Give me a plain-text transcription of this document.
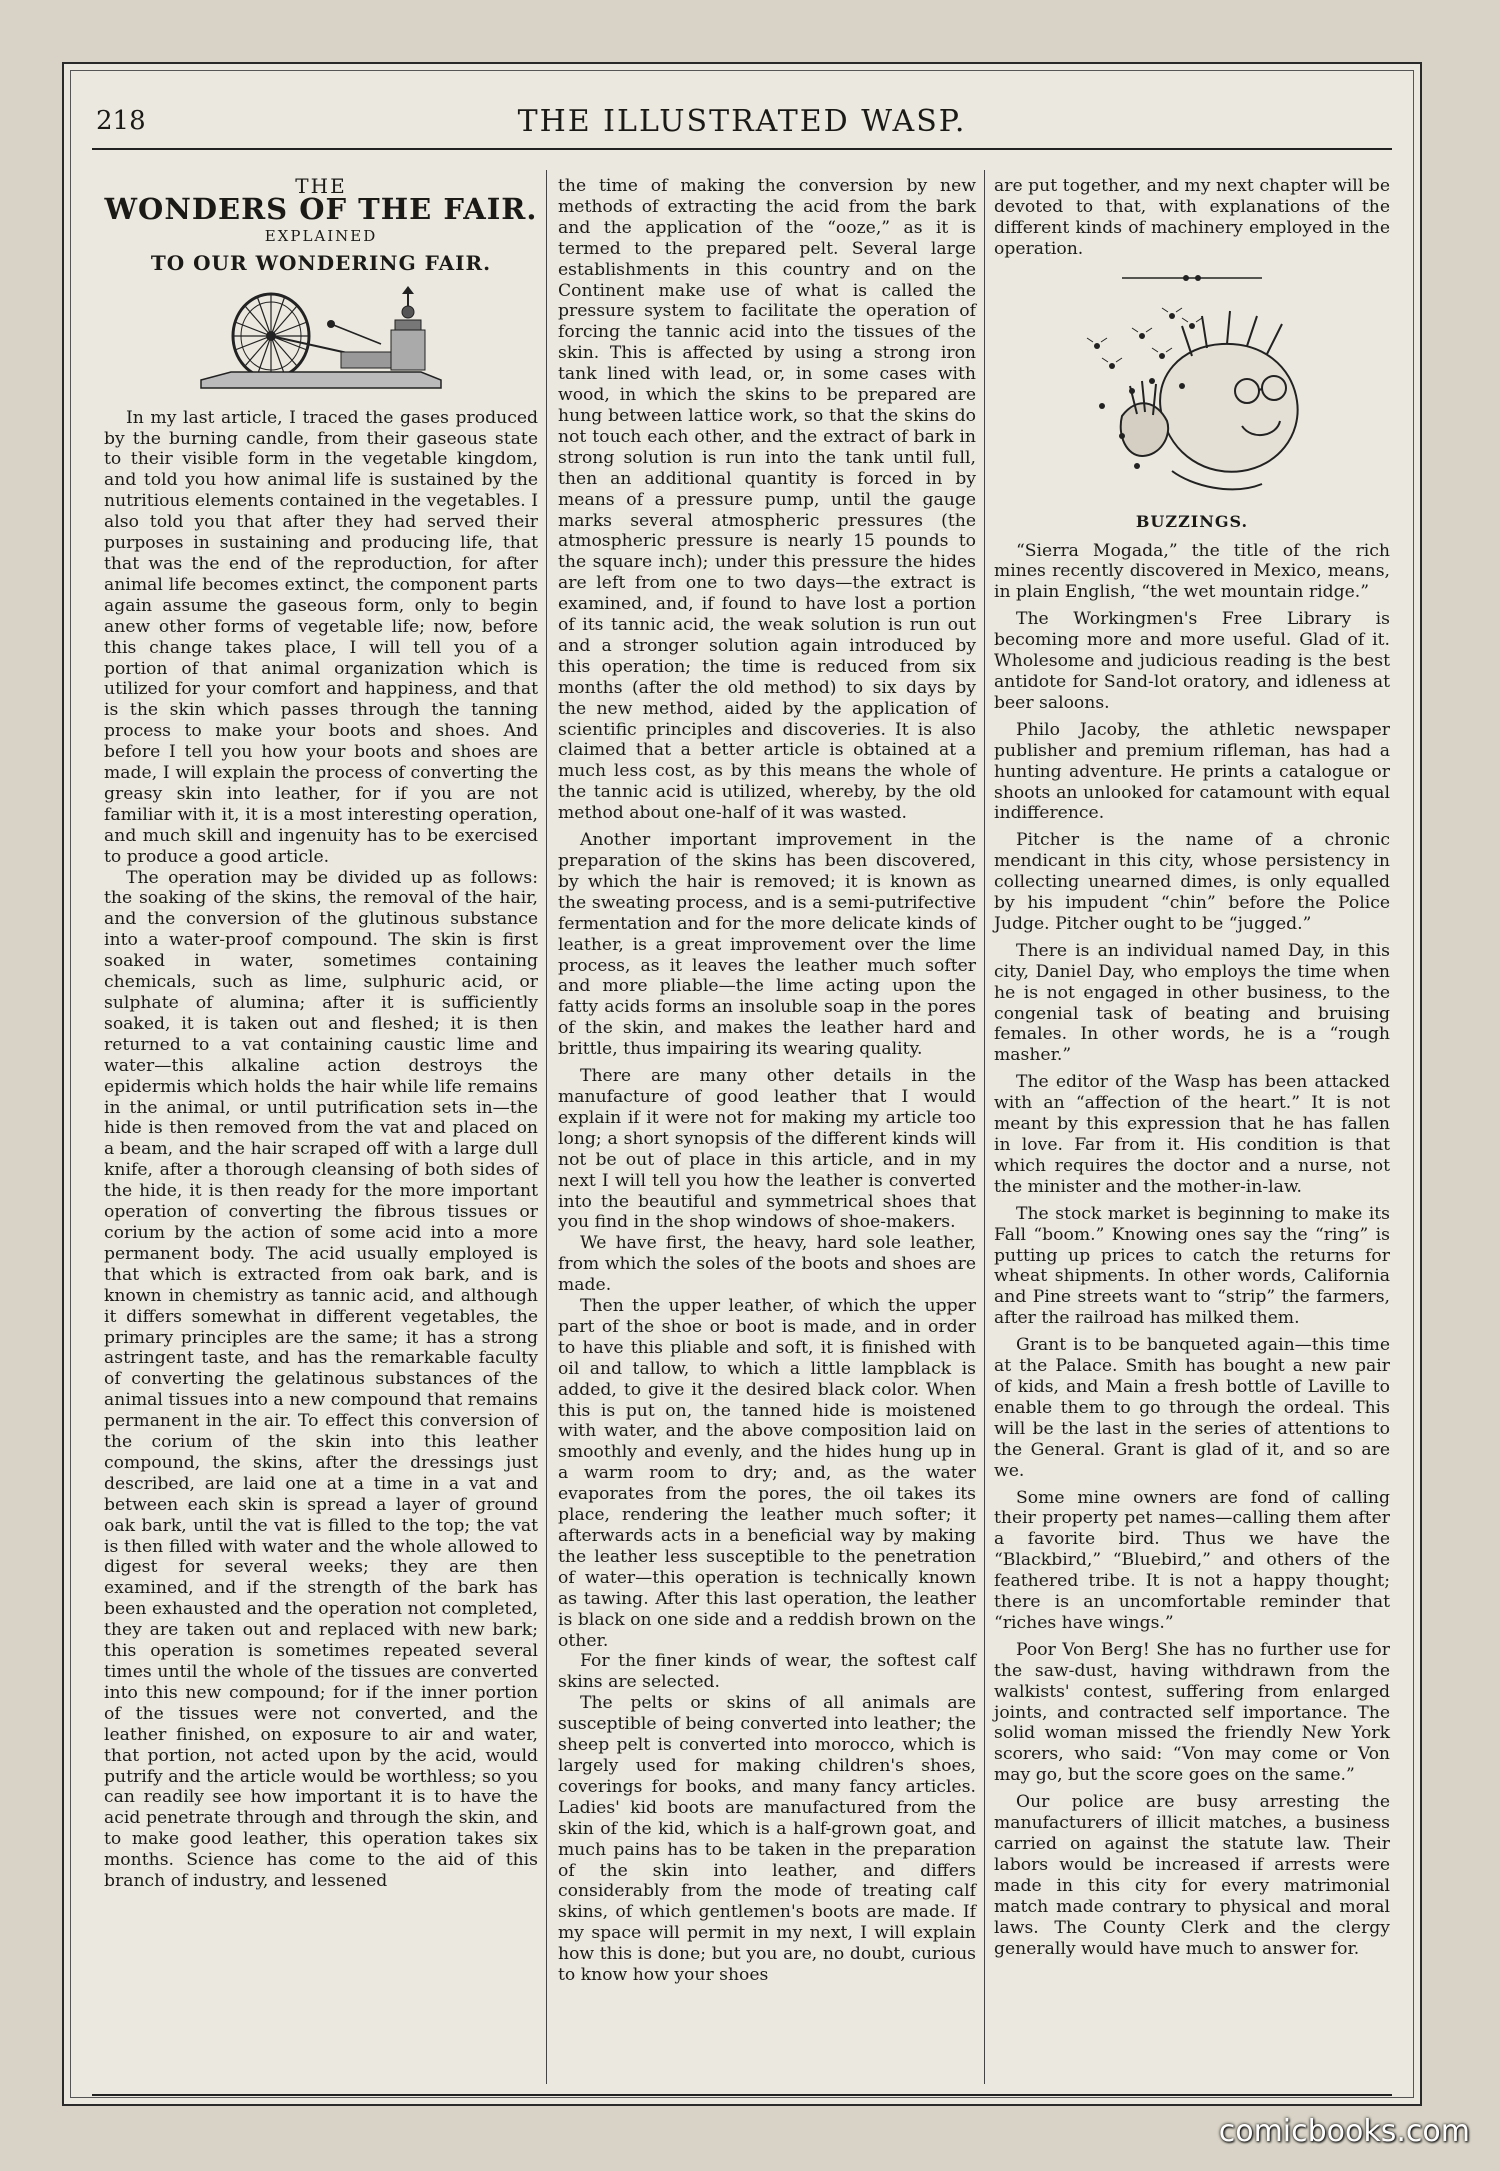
218	THE ILLUSTRATED WASP.
THE
WONDERS OF THE FAIR.
EXPLAINED
TO OUR WONDERING FAIR.

In my last article, I traced the gases produced by the burning candle, from their gaseous state to their visible form in the vegetable kingdom, and told you how animal life is sustained by the nutritious elements contained in the vegetables. I also told you that after they had served their purposes in sustaining and producing life, that that was the end of the reproduction, for after animal life becomes extinct, the component parts again assume the gaseous form, only to begin anew other forms of vegetable life; now, before this change takes place, I will tell you of a portion of that animal organization which is utilized for your comfort and happiness, and that is the skin which passes through the tanning process to make your boots and shoes. And before I tell you how your boots and shoes are made, I will explain the process of converting the greasy skin into leather, for if you are not familiar with it, it is a most interesting operation, and much skill and ingenuity has to be exercised to produce a good article.

The operation may be divided up as follows: the soaking of the skins, the removal of the hair, and the conversion of the glutinous substance into a water-proof compound. The skin is first soaked in water, sometimes containing chemicals, such as lime, sulphuric acid, or sulphate of alumina; after it is sufficiently soaked, it is taken out and fleshed; it is then returned to a vat containing caustic lime and water—this alkaline action destroys the epidermis which holds the hair while life remains in the animal, or until putrification sets in—the hide is then removed from the vat and placed on a beam, and the hair scraped off with a large dull knife, after a thorough cleansing of both sides of the hide, it is then ready for the more important operation of converting the fibrous tissues or corium by the action of some acid into a more permanent body. The acid usually employed is that which is extracted from oak bark, and is known in chemistry as tannic acid, and although it differs somewhat in different vegetables, the primary principles are the same; it has a strong astringent taste, and has the remarkable faculty of converting the gelatinous substances of the animal tissues into a new compound that remains permanent in the air. To effect this conversion of the corium of the skin into this leather compound, the skins, after the dressings just described, are laid one at a time in a vat and between each skin is spread a layer of ground oak bark, until the vat is filled to the top; the vat is then filled with water and the whole allowed to digest for several weeks; they are then examined, and if the strength of the bark has been exhausted and the operation not completed, they are taken out and replaced with new bark; this operation is sometimes repeated several times until the whole of the tissues are converted into this new compound; for if the inner portion of the tissues were not converted, and the leather finished, on exposure to air and water, that portion, not acted upon by the acid, would putrify and the article would be worthless; so you can readily see how important it is to have the acid penetrate through and through the skin, and to make good leather, this operation takes six months. Science has come to the aid of this branch of industry, and lessened

the time of making the conversion by new methods of extracting the acid from the bark and the application of the “ooze,” as it is termed to the prepared pelt. Several large establishments in this country and on the Continent make use of what is called the pressure system to facilitate the operation of forcing the tannic acid into the tissues of the skin. This is affected by using a strong iron tank lined with lead, or, in some cases with wood, in which the skins to be prepared are hung between lattice work, so that the skins do not touch each other, and the extract of bark in strong solution is run into the tank until full, then an additional quantity is forced in by means of a pressure pump, until the gauge marks several atmospheric pressures (the atmospheric pressure is nearly 15 pounds to the square inch); under this pressure the hides are left from one to two days—the extract is examined, and, if found to have lost a portion of its tannic acid, the weak solution is run out and a stronger solution again introduced by this operation; the time is reduced from six months (after the old method) to six days by the new method, aided by the application of scientific principles and discoveries. It is also claimed that a better article is obtained at a much less cost, as by this means the whole of the tannic acid is utilized, whereby, by the old method about one-half of it was wasted.

Another important improvement in the preparation of the skins has been discovered, by which the hair is removed; it is known as the sweating process, and is a semi-putrifective fermentation and for the more delicate kinds of leather, is a great improvement over the lime process, as it leaves the leather much softer and more pliable—the lime acting upon the fatty acids forms an insoluble soap in the pores of the skin, and makes the leather hard and brittle, thus impairing its wearing quality.

There are many other details in the manufacture of good leather that I would explain if it were not for making my article too long; a short synopsis of the different kinds will not be out of place in this article, and in my next I will tell you how the leather is converted into the beautiful and symmetrical shoes that you find in the shop windows of shoe-makers.

We have first, the heavy, hard sole leather, from which the soles of the boots and shoes are made.

Then the upper leather, of which the upper part of the shoe or boot is made, and in order to have this pliable and soft, it is finished with oil and tallow, to which a little lampblack is added, to give it the desired black color. When this is put on, the tanned hide is moistened with water, and the above composition laid on smoothly and evenly, and the hides hung up in a warm room to dry; and, as the water evaporates from the pores, the oil takes its place, rendering the leather much softer; it afterwards acts in a beneficial way by making the leather less susceptible to the penetration of water—this operation is technically known as tawing. After this last operation, the leather is black on one side and a reddish brown on the other.

For the finer kinds of wear, the softest calf skins are selected.

The pelts or skins of all animals are susceptible of being converted into leather; the sheep pelt is converted into morocco, which is largely used for making children's shoes, coverings for books, and many fancy articles. Ladies' kid boots are manufactured from the skin of the kid, which is a half-grown goat, and much pains has to be taken in the preparation of the skin into leather, and differs considerably from the mode of treating calf skins, of which gentlemen's boots are made. If my space will permit in my next, I will explain how this is done; but you are, no doubt, curious to know how your shoes

are put together, and my next chapter will be devoted to that, with explanations of the different kinds of machinery employed in the operation.

BUZZINGS.

“Sierra Mogada,” the title of the rich mines recently discovered in Mexico, means, in plain English, “the wet mountain ridge.”

The Workingmen's Free Library is becoming more and more useful. Glad of it. Wholesome and judicious reading is the best antidote for Sand-lot oratory, and idleness at beer saloons.

Philo Jacoby, the athletic newspaper publisher and premium rifleman, has had a hunting adventure. He prints a catalogue or shoots an unlooked for catamount with equal indifference.

Pitcher is the name of a chronic mendicant in this city, whose persistency in collecting unearned dimes, is only equalled by his impudent “chin” before the Police Judge. Pitcher ought to be “jugged.”

There is an individual named Day, in this city, Daniel Day, who employs the time when he is not engaged in other business, to the congenial task of beating and bruising females. In other words, he is a “rough masher.”

The editor of the Wasp has been attacked with an “affection of the heart.” It is not meant by this expression that he has fallen in love. Far from it. His condition is that which requires the doctor and a nurse, not the minister and the mother-in-law.

The stock market is beginning to make its Fall “boom.” Knowing ones say the “ring” is putting up prices to catch the returns for wheat shipments. In other words, California and Pine streets want to “strip” the farmers, after the railroad has milked them.

Grant is to be banqueted again—this time at the Palace. Smith has bought a new pair of kids, and Main a fresh bottle of Laville to enable them to go through the ordeal. This will be the last in the series of attentions to the General. Grant is glad of it, and so are we.

Some mine owners are fond of calling their property pet names—calling them after a favorite bird. Thus we have the “Blackbird,” “Bluebird,” and others of the feathered tribe. It is not a happy thought; there is an uncomfortable reminder that “riches have wings.”

Poor Von Berg! She has no further use for the saw-dust, having withdrawn from the walkists' contest, suffering from enlarged joints, and contracted self importance. The solid woman missed the friendly New York scorers, who said: “Von may come or Von may go, but the score goes on the same.”

Our police are busy arresting the manufacturers of illicit matches, a business carried on against the statute law. Their labors would be increased if arrests were made in this city for every matrimonial match made contrary to physical and moral laws. The County Clerk and the clergy generally would have much to answer for.

comicbooks.com
